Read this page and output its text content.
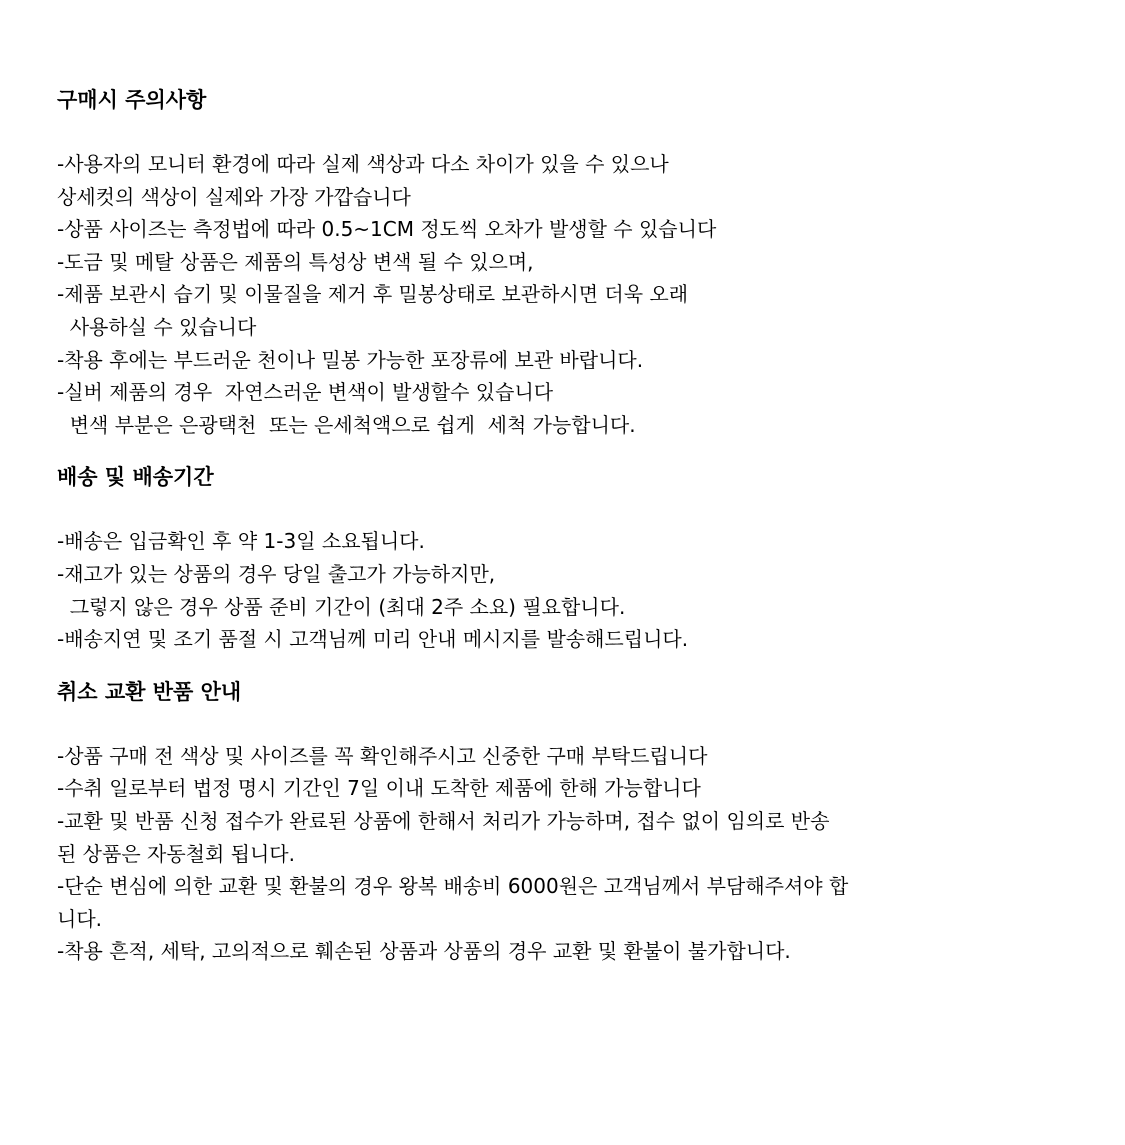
구매시 주의사항

-사용자의 모니터 환경에 따라 실제 색상과 다소 차이가 있을 수 있으나

상세컷의 색상이 실제와 가장 가깝습니다

-상품 사이즈는 측정법에 따라 0.5~1CM 정도씩 오차가 발생할 수 있습니다

-도금 및 메탈 상품은 제품의 특성상 변색 될 수 있으며,

-제품 보관시 습기 및 이물질을 제거 후 밀봉상태로 보관하시면 더욱 오래

사용하실 수 있습니다

-착용 후에는 부드러운 천이나 밀봉 가능한 포장류에 보관 바랍니다.

-실버 제품의 경우  자연스러운 변색이 발생할수 있습니다

변색 부분은 은광택천  또는 은세척액으로 쉽게  세척 가능합니다.

배송 및 배송기간

-배송은 입금확인 후 약 1-3일 소요됩니다.

-재고가 있는 상품의 경우 당일 출고가 가능하지만,

그렇지 않은 경우 상품 준비 기간이 (최대 2주 소요) 필요합니다.

-배송지연 및 조기 품절 시 고객님께 미리 안내 메시지를 발송해드립니다.

취소 교환 반품 안내

-상품 구매 전 색상 및 사이즈를 꼭 확인해주시고 신중한 구매 부탁드립니다

-수취 일로부터 법정 명시 기간인 7일 이내 도착한 제품에 한해 가능합니다

-교환 및 반품 신청 접수가 완료된 상품에 한해서 처리가 가능하며, 접수 없이 임의로 반송

된 상품은 자동철회 됩니다.

-단순 변심에 의한 교환 및 환불의 경우 왕복 배송비 6000원은 고객님께서 부담해주셔야 합

니다.

-착용 흔적, 세탁, 고의적으로 훼손된 상품과 상품의 경우 교환 및 환불이 불가합니다.
